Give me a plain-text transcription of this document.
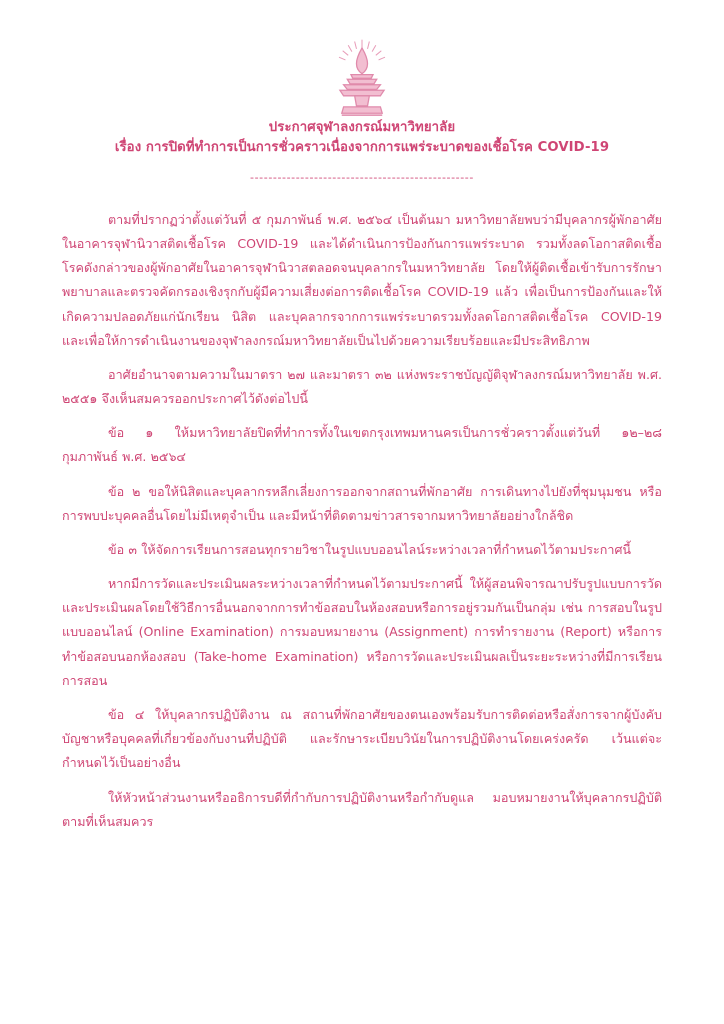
ประกาศจุฬาลงกรณ์มหาวิทยาลัย
เรื่อง การปิดที่ทำการเป็นการชั่วคราวเนื่องจากการแพร่ระบาดของเชื้อโรค COVID-19
-------------------------------------------------

ตามที่ปรากฏว่าตั้งแต่วันที่ ๕ กุมภาพันธ์ พ.ศ. ๒๕๖๔ เป็นต้นมา มหาวิทยาลัยพบว่ามีบุคลากรผู้พักอาศัยในอาคารจุฬานิวาสติดเชื้อโรค COVID-19 และได้ดำเนินการป้องกันการแพร่ระบาด รวมทั้งลดโอกาสติดเชื้อโรคดังกล่าวของผู้พักอาศัยในอาคารจุฬานิวาสตลอดจนบุคลากรในมหาวิทยาลัย โดยให้ผู้ติดเชื้อเข้ารับการรักษาพยาบาลและตรวจคัดกรองเชิงรุกกับผู้มีความเสี่ยงต่อการติดเชื้อโรค COVID-19 แล้ว เพื่อเป็นการป้องกันและให้เกิดความปลอดภัยแก่นักเรียน นิสิต และบุคลากรจากการแพร่ระบาดรวมทั้งลดโอกาสติดเชื้อโรค COVID-19 และเพื่อให้การดำเนินงานของจุฬาลงกรณ์มหาวิทยาลัยเป็นไปด้วยความเรียบร้อยและมีประสิทธิภาพ

อาศัยอำนาจตามความในมาตรา ๒๗ และมาตรา ๓๒ แห่งพระราชบัญญัติจุฬาลงกรณ์มหาวิทยาลัย พ.ศ. ๒๕๕๑ จึงเห็นสมควรออกประกาศไว้ดังต่อไปนี้

ข้อ ๑ ให้มหาวิทยาลัยปิดที่ทำการทั้งในเขตกรุงเทพมหานครเป็นการชั่วคราวตั้งแต่วันที่ ๑๒–๒๘ กุมภาพันธ์ พ.ศ. ๒๕๖๔

ข้อ ๒ ขอให้นิสิตและบุคลากรหลีกเลี่ยงการออกจากสถานที่พักอาศัย การเดินทางไปยังที่ชุมนุมชน หรือการพบปะบุคคลอื่นโดยไม่มีเหตุจำเป็น และมีหน้าที่ติดตามข่าวสารจากมหาวิทยาลัยอย่างใกล้ชิด

ข้อ ๓ ให้จัดการเรียนการสอนทุกรายวิชาในรูปแบบออนไลน์ระหว่างเวลาที่กำหนดไว้ตามประกาศนี้

หากมีการวัดและประเมินผลระหว่างเวลาที่กำหนดไว้ตามประกาศนี้ ให้ผู้สอนพิจารณาปรับรูปแบบการวัดและประเมินผลโดยใช้วิธีการอื่นนอกจากการทำข้อสอบในห้องสอบหรือการอยู่รวมกันเป็นกลุ่ม เช่น การสอบในรูปแบบออนไลน์ (Online Examination) การมอบหมายงาน (Assignment) การทำรายงาน (Report) หรือการทำข้อสอบนอกห้องสอบ (Take-home Examination) หรือการวัดและประเมินผลเป็นระยะระหว่างที่มีการเรียนการสอน

ข้อ ๔ ให้บุคลากรปฏิบัติงาน ณ สถานที่พักอาศัยของตนเองพร้อมรับการติดต่อหรือสั่งการจากผู้บังคับบัญชาหรือบุคคลที่เกี่ยวข้องกับงานที่ปฏิบัติ และรักษาระเบียบวินัยในการปฏิบัติงานโดยเคร่งครัด เว้นแต่จะกำหนดไว้เป็นอย่างอื่น

ให้หัวหน้าส่วนงานหรืออธิการบดีที่กำกับการปฏิบัติงานหรือกำกับดูแล มอบหมายงานให้บุคลากรปฏิบัติตามที่เห็นสมควร
